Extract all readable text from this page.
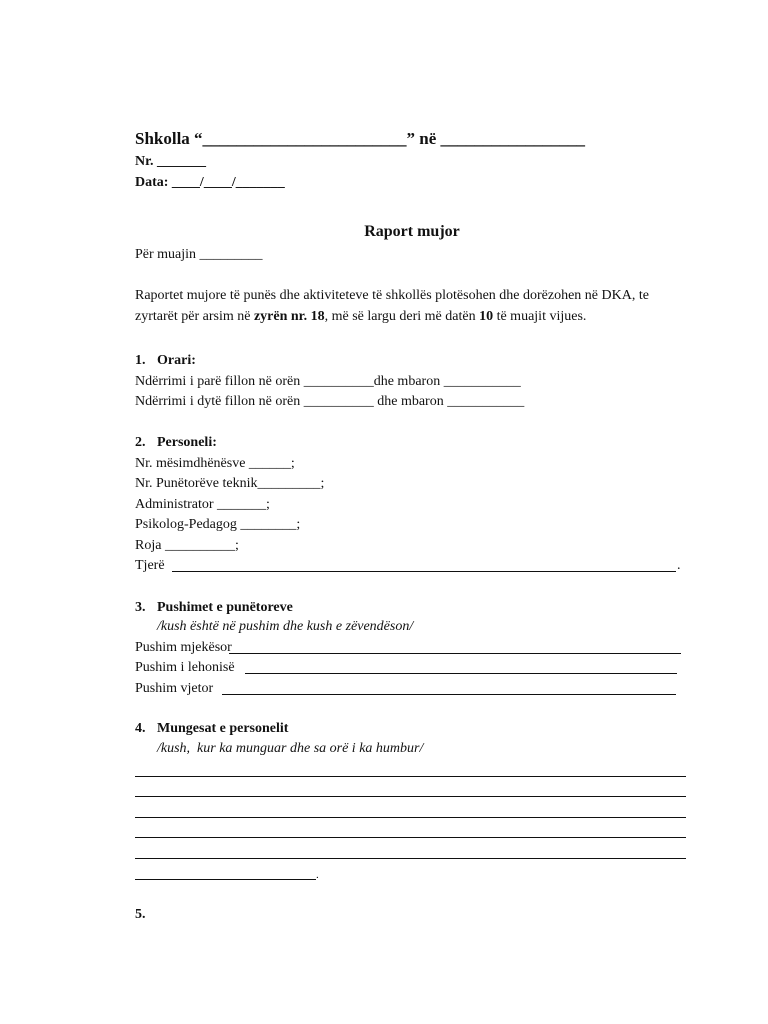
Shkolla “________________________” në _________________
Nr. _______
Data: ____/____/_______
Raport mujor
Për muajin _________
Raportet mujore të punës dhe aktiviteteve të shkollës plotësohen dhe dorëzohen në DKA, te
zyrtarët për arsim në zyrën nr. 18, më së largu deri më datën 10 të muajit vijues.
1. Orari:
Ndërrimi i parë fillon në orën __________dhe mbaron ___________
Ndërrimi i dytë fillon në orën __________ dhe mbaron ___________
2. Personeli:
Nr. mësimdhënësve ______;
Nr. Punëtorëve teknik_________;
Administrator _______;
Psikolog-Pedagog ________;
Roja __________;
Tjerë	.
3. Pushimet e punëtoreve
/kush është në pushim dhe kush e zëvendëson/
Pushim mjekësor
Pushim i lehonisë
Pushim vjetor
4. Mungesat e personelit
/kush,  kur ka munguar dhe sa orë i ka humbur/
.
5.
